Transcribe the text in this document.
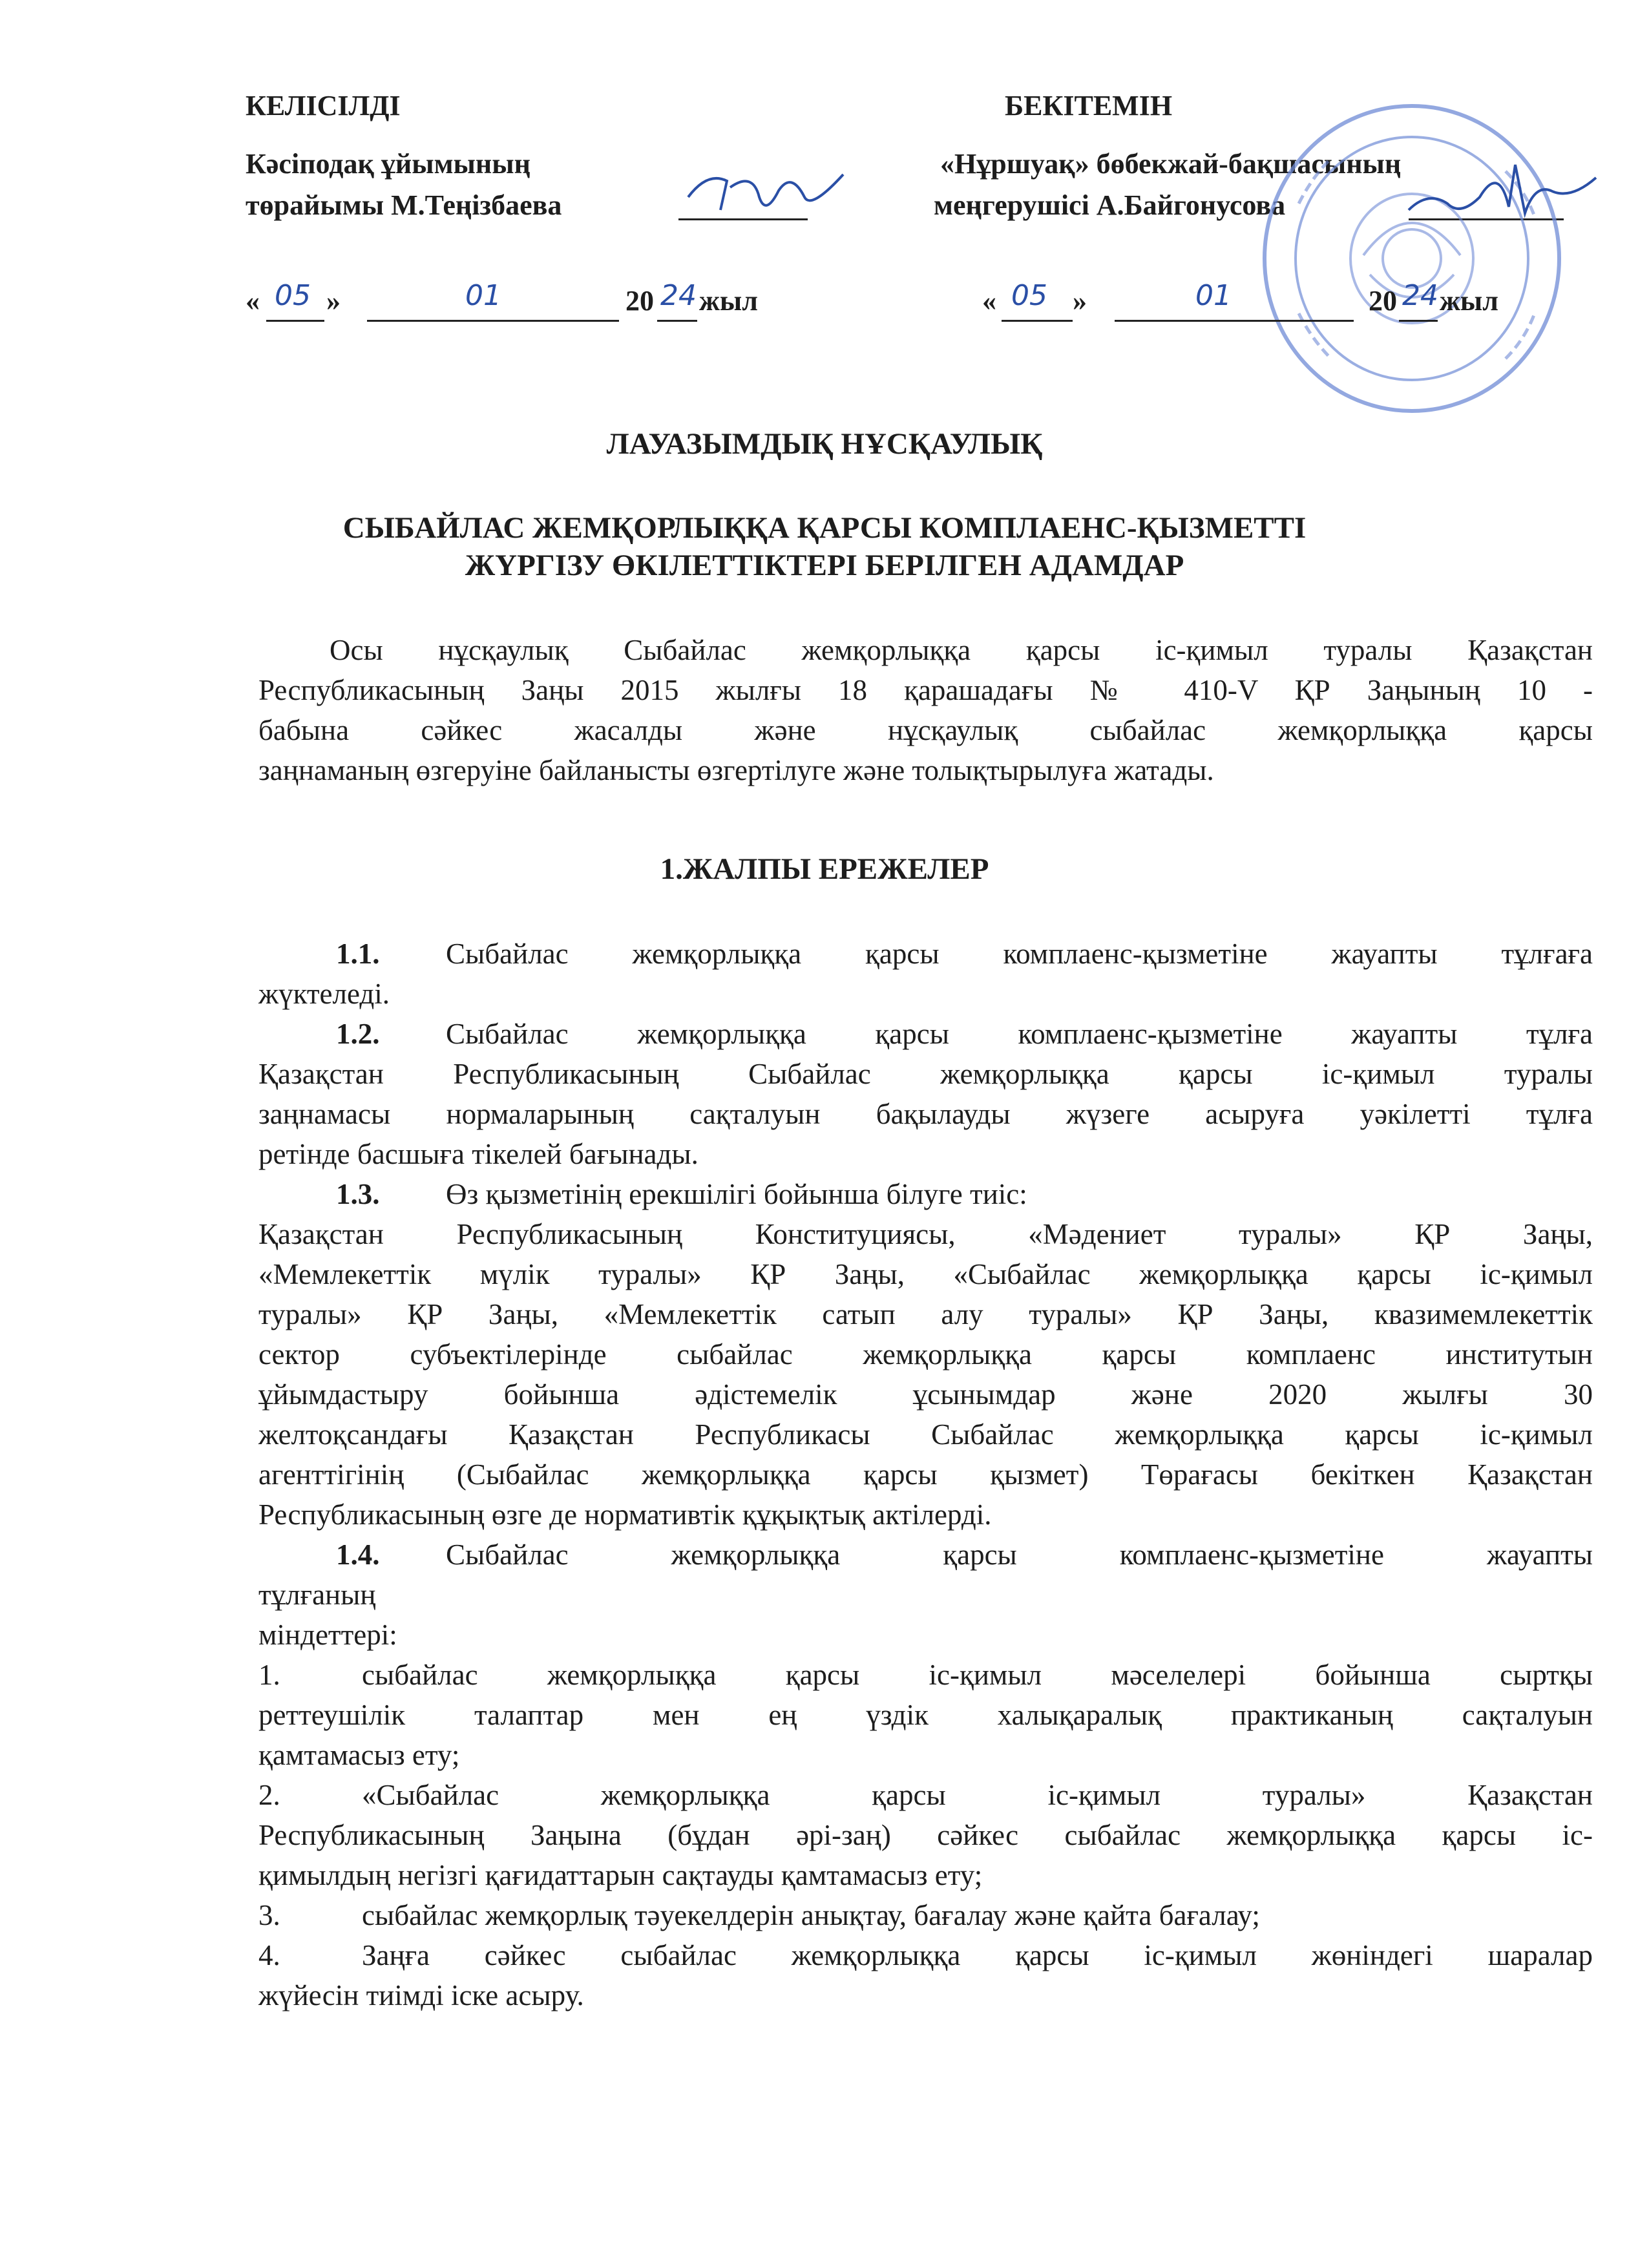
КЕЛІСІЛДІ
Кәсіподақ ұйымының
төрайымы М.Теңізбаева
« 05 »	01	20 24 жыл
БЕКІТЕМІН
«Нұршуақ» бөбекжай-бақшасының
меңгерушісі А.Байгонусова
« 05 »	01	20 24 жыл
ЛАУАЗЫМДЫҚ НҰСҚАУЛЫҚ
СЫБАЙЛАС ЖЕМҚОРЛЫҚҚА ҚАРСЫ КОМПЛАЕНС-ҚЫЗМЕТТІ
ЖҮРГІЗУ ӨКІЛЕТТІКТЕРІ БЕРІЛГЕН АДАМДАР
Осы нұсқаулық Сыбайлас жемқорлыққа қарсы іс-қимыл туралы Қазақстан
Республикасының Заңы 2015 жылғы 18 қарашадағы № 410-V ҚР Заңының 10 -
бабына сәйкес жасалды және нұсқаулық сыбайлас жемқорлыққа қарсы
заңнаманың өзгеруіне байланысты өзгертілуге және толықтырылуға жатады.
1.ЖАЛПЫ ЕРЕЖЕЛЕР
1.1. Сыбайлас жемқорлыққа қарсы комплаенс-қызметіне жауапты тұлғаға
жүктеледі.
1.2. Сыбайлас жемқорлыққа қарсы комплаенс-қызметіне жауапты тұлға
Қазақстан Республикасының Сыбайлас жемқорлыққа қарсы іс-қимыл туралы
заңнамасы нормаларының сақталуын бақылауды жүзеге асыруға уәкілетті тұлға
ретінде басшыға тікелей бағынады.
1.3. Өз қызметінің ерекшілігі бойынша білуге тиіс:
Қазақстан Республикасының Конституциясы, «Мәдениет туралы» ҚР Заңы,
«Мемлекеттік мүлік туралы» ҚР Заңы, «Сыбайлас жемқорлыққа қарсы іс-қимыл
туралы» ҚР Заңы, «Мемлекеттік сатып алу туралы» ҚР Заңы, квазимемлекеттік
сектор субъектілерінде сыбайлас жемқорлыққа қарсы комплаенс институтын
ұйымдастыру бойынша әдістемелік ұсынымдар және 2020 жылғы 30
желтоқсандағы Қазақстан Республикасы Сыбайлас жемқорлыққа қарсы іс-қимыл
агенттігінің (Сыбайлас жемқорлыққа қарсы қызмет) Төрағасы бекіткен Қазақстан
Республикасының өзге де нормативтік құқықтық актілерді.
1.4. Сыбайлас жемқорлыққа қарсы комплаенс-қызметіне жауапты
тұлғаның
міндеттері:
1.	сыбайлас жемқорлыққа қарсы іс-қимыл мәселелері бойынша сыртқы
реттеушілік талаптар мен ең үздік халықаралық практиканың сақталуын
қамтамасыз ету;
2.	«Сыбайлас жемқорлыққа қарсы іс-қимыл туралы» Қазақстан
Республикасының Заңына (бұдан әрі-заң) сәйкес сыбайлас жемқорлыққа қарсы іс-
қимылдың негізгі қағидаттарын сақтауды қамтамасыз ету;
3.	сыбайлас жемқорлық тәуекелдерін анықтау, бағалау және қайта бағалау;
4.	Заңға сәйкес сыбайлас жемқорлыққа қарсы іс-қимыл жөніндегі шаралар
жүйесін тиімді іске асыру.
